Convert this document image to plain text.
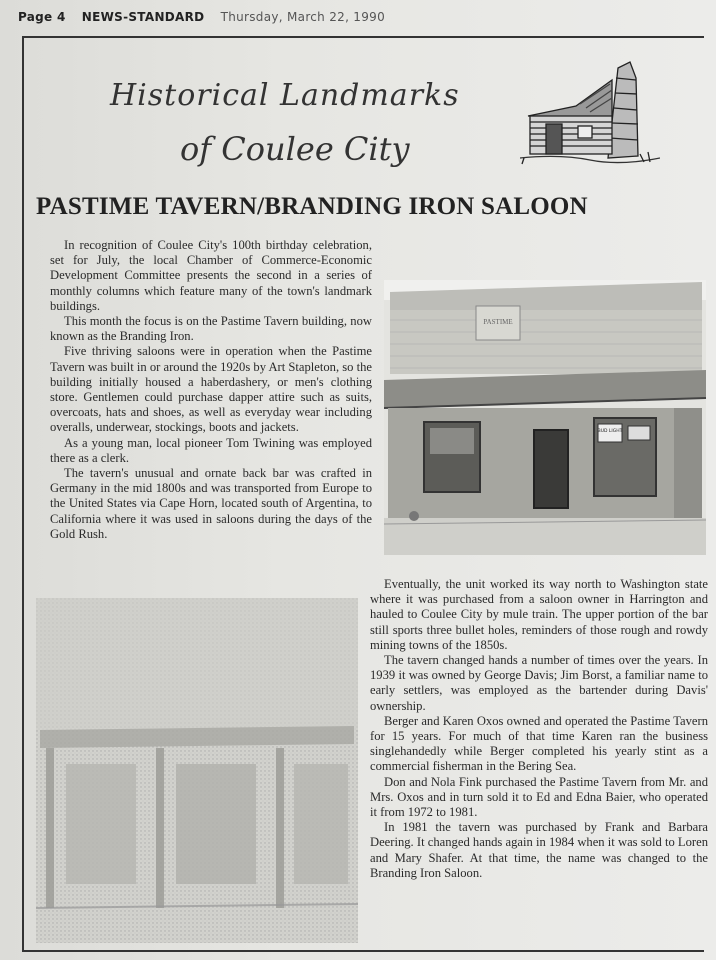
Page 4 NEWS-STANDARD Thursday, March 22, 1990
Historical Landmarks
of Coulee City
PASTIME TAVERN/BRANDING IRON SALOON

In recognition of Coulee City's 100th birthday celebration, set for July, the local Chamber of Commerce-Economic Development Committee presents the second in a series of monthly columns which feature many of the town's landmark buildings.

This month the focus is on the Pastime Tavern building, now known as the Branding Iron.

Five thriving saloons were in operation when the Pastime Tavern was built in or around the 1920s by Art Stapleton, so the building initially housed a haberdashery, or men's clothing store. Gentlemen could purchase dapper attire such as suits, overcoats, hats and shoes, as well as everyday wear including overalls, underwear, stockings, boots and jackets.

As a young man, local pioneer Tom Twining was employed there as a clerk.

The tavern's unusual and ornate back bar was crafted in Germany in the mid 1800s and was transported from Europe to the United States via Cape Horn, located south of Argentina, to California where it was used in saloons during the days of the Gold Rush.

PASTIME
BUD LIGHT

Eventually, the unit worked its way north to Washington state where it was purchased from a saloon owner in Harrington and hauled to Coulee City by mule train. The upper portion of the bar still sports three bullet holes, reminders of those rough and rowdy mining towns of the 1850s.

The tavern changed hands a number of times over the years. In 1939 it was owned by George Davis; Jim Borst, a familiar name to early settlers, was employed as the bartender during Davis' ownership.

Berger and Karen Oxos owned and operated the Pastime Tavern for 15 years. For much of that time Karen ran the business singlehandedly while Berger completed his yearly stint as a commercial fisherman in the Bering Sea.

Don and Nola Fink purchased the Pastime Tavern from Mr. and Mrs. Oxos and in turn sold it to Ed and Edna Baier, who operated it from 1972 to 1981.

In 1981 the tavern was purchased by Frank and Barbara Deering. It changed hands again in 1984 when it was sold to Loren and Mary Shafer. At that time, the name was changed to the Branding Iron Saloon.
